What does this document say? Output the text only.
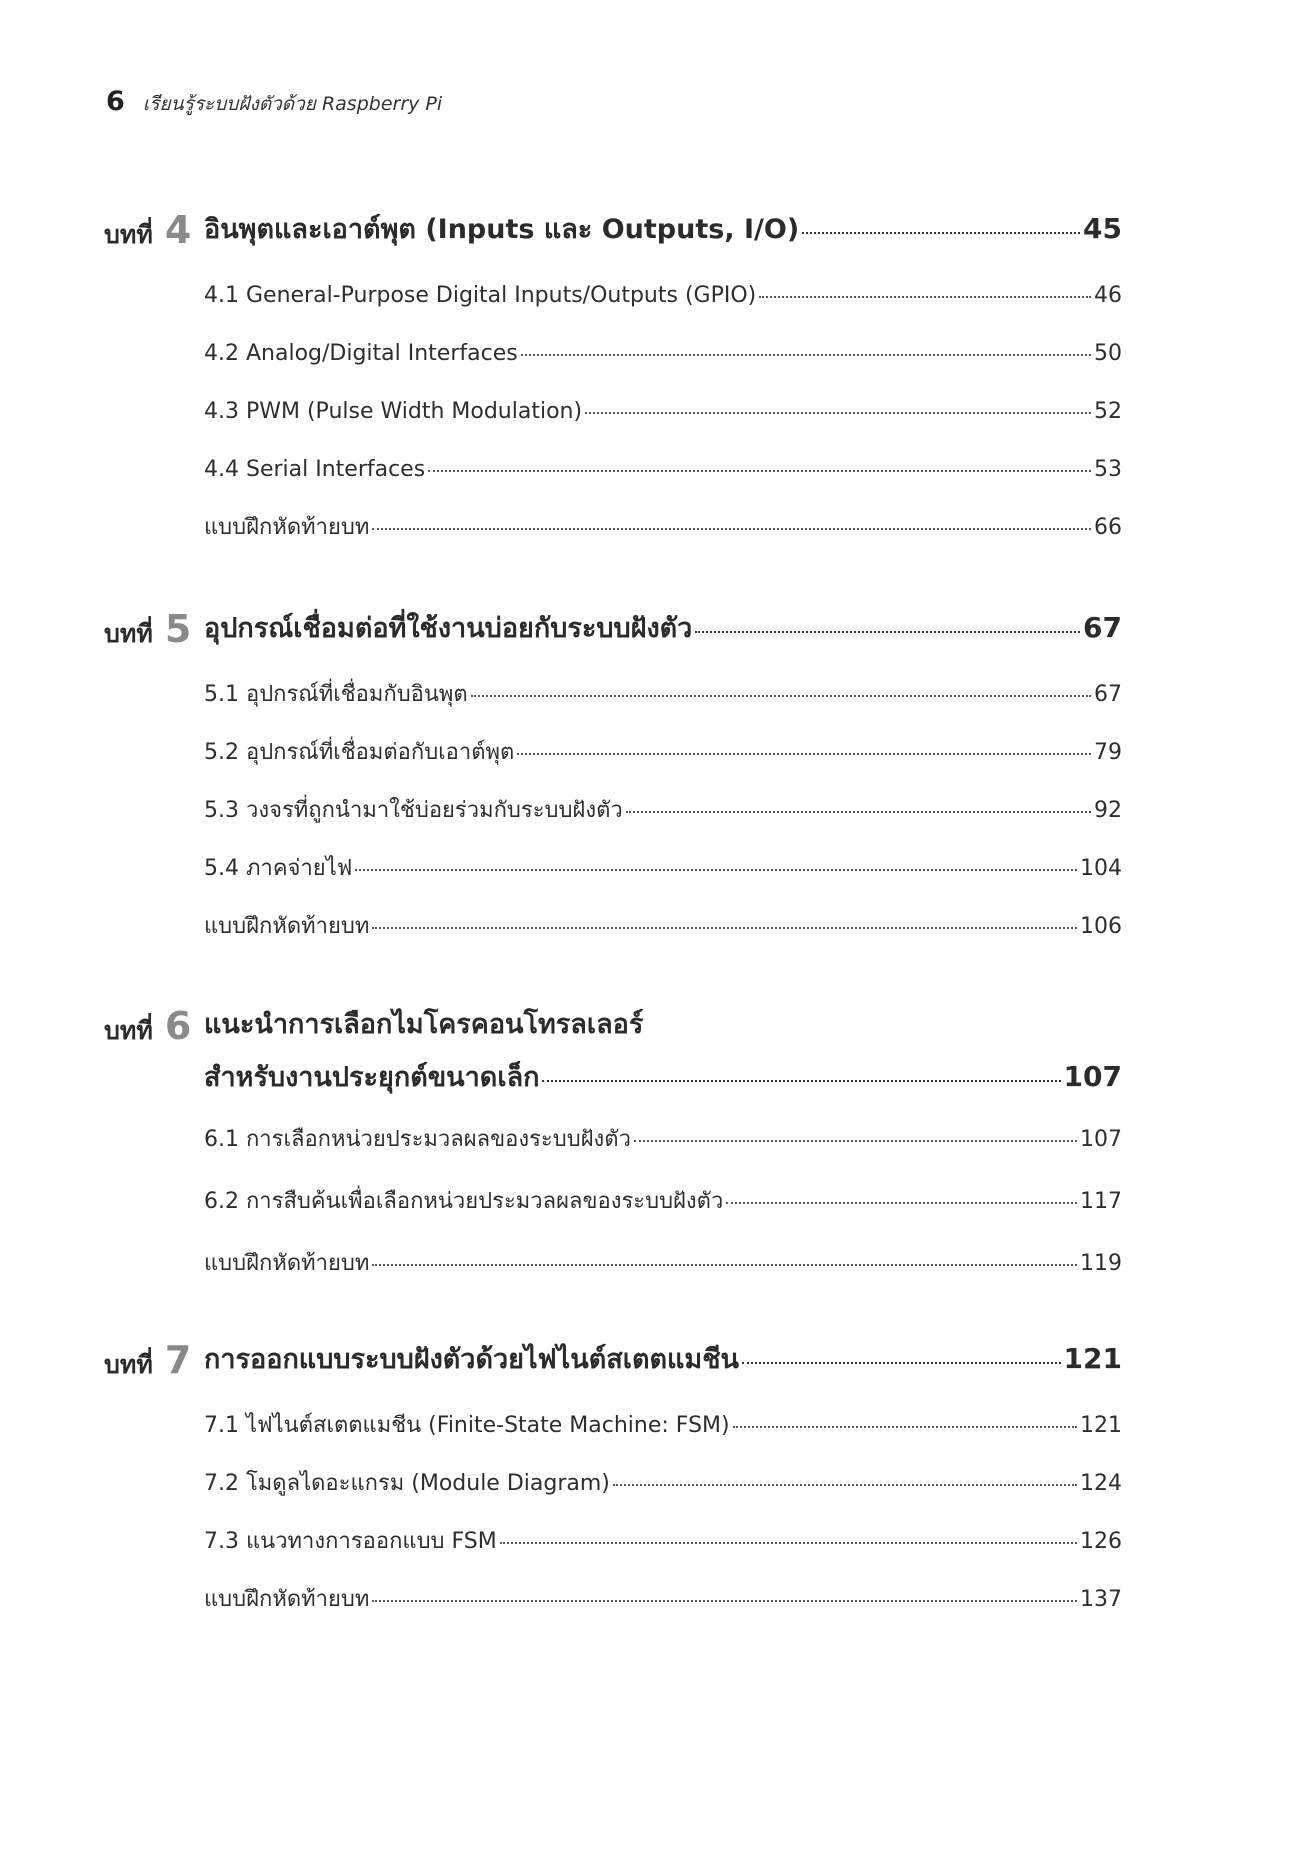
6 เรียนรู้ระบบฝังตัวด้วย Raspberry Pi
บทที่ 4 อินพุตและเอาต์พุต (Inputs และ Outputs, I/O)	45
4.1 General-Purpose Digital Inputs/Outputs (GPIO)	46
4.2 Analog/Digital Interfaces	50
4.3 PWM (Pulse Width Modulation)	52
4.4 Serial Interfaces	53
แบบฝึกหัดท้ายบท	66
บทที่ 5 อุปกรณ์เชื่อมต่อที่ใช้งานบ่อยกับระบบฝังตัว	67
5.1 อุปกรณ์ที่เชื่อมกับอินพุต	67
5.2 อุปกรณ์ที่เชื่อมต่อกับเอาต์พุต	79
5.3 วงจรที่ถูกนำมาใช้บ่อยร่วมกับระบบฝังตัว	92
5.4 ภาคจ่ายไฟ	104
แบบฝึกหัดท้ายบท	106
บทที่ 6 แนะนำการเลือกไมโครคอนโทรลเลอร์
สำหรับงานประยุกต์ขนาดเล็ก	107
6.1 การเลือกหน่วยประมวลผลของระบบฝังตัว	107
6.2 การสืบค้นเพื่อเลือกหน่วยประมวลผลของระบบฝังตัว	117
แบบฝึกหัดท้ายบท	119
บทที่ 7 การออกแบบระบบฝังตัวด้วยไฟไนต์สเตตแมชีน	121
7.1 ไฟไนต์สเตตแมชีน (Finite-State Machine: FSM)	121
7.2 โมดูลไดอะแกรม (Module Diagram)	124
7.3 แนวทางการออกแบบ FSM	126
แบบฝึกหัดท้ายบท	137
